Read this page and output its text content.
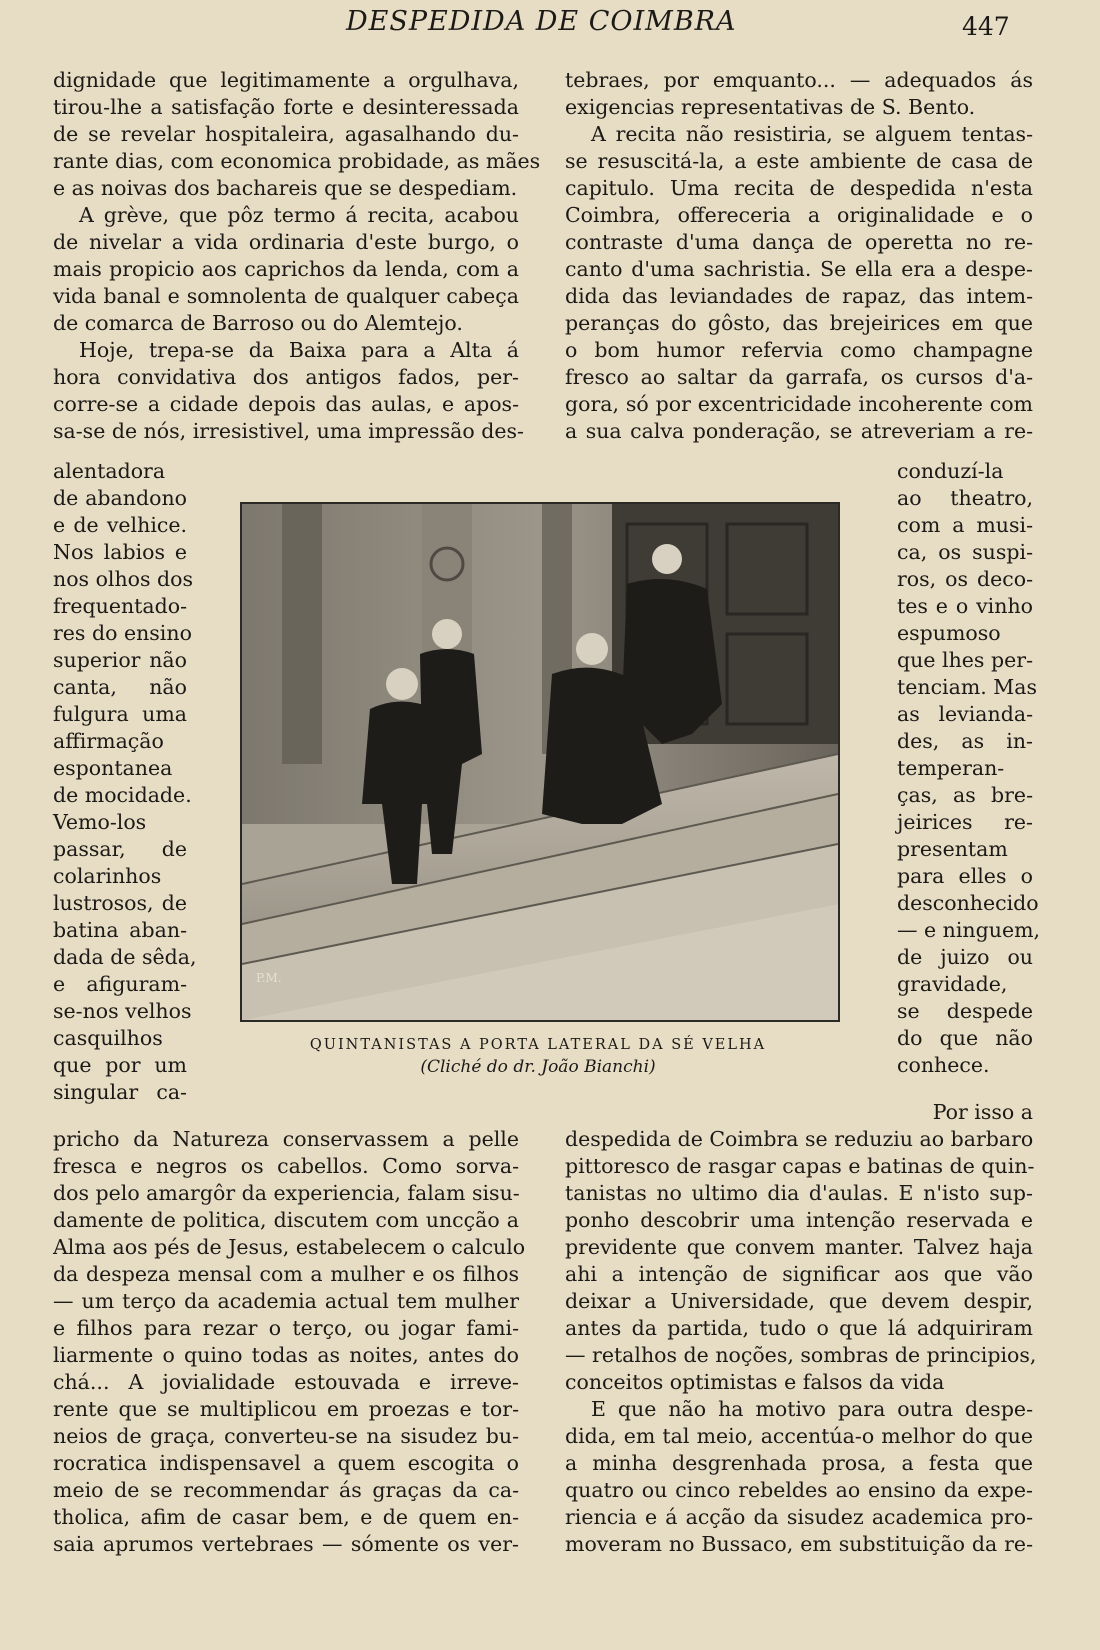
DESPEDIDA DE COIMBRA	447
dignidade que legitimamente a orgulhava,
tirou-lhe a satisfação forte e desinteressada
de se revelar hospitaleira, agasalhando du-
rante dias, com economica probidade, as mães
e as noivas dos bachareis que se despediam.
A grève, que pôz termo á recita, acabou
de nivelar a vida ordinaria d'este burgo, o
mais propicio aos caprichos da lenda, com a
vida banal e somnolenta de qualquer cabeça
de comarca de Barroso ou do Alemtejo.
Hoje, trepa-se da Baixa para a Alta á
hora convidativa dos antigos fados, per-
corre-se a cidade depois das aulas, e apos-
sa-se de nós, irresistivel, uma impressão des-
alentadora
de abandono
e de velhice.
Nos labios e
nos olhos dos
frequentado-
res do ensino
superior não
canta, não
fulgura uma
affirmação
espontanea
de mocidade.
Vemo-los
passar, de
colarinhos
lustrosos, de
batina aban-
dada de sêda,
e afiguram-
se-nos velhos
casquilhos
que por um
singular ca-
pricho da Natureza conservassem a pelle
fresca e negros os cabellos. Como sorva-
dos pelo amargôr da experiencia, falam sisu-
damente de politica, discutem com uncção a
Alma aos pés de Jesus, estabelecem o calculo
da despeza mensal com a mulher e os filhos
— um terço da academia actual tem mulher
e filhos para rezar o terço, ou jogar fami-
liarmente o quino todas as noites, antes do
chá... A jovialidade estouvada e irreve-
rente que se multiplicou em proezas e tor-
neios de graça, converteu-se na sisudez bu-
rocratica indispensavel a quem escogita o
meio de se recommendar ás graças da ca-
tholica, afim de casar bem, e de quem en-
saia aprumos vertebraes — sómente os ver-
tebraes, por emquanto... — adequados ás
exigencias representativas de S. Bento.
A recita não resistiria, se alguem tentas-
se resuscitá-la, a este ambiente de casa de
capitulo. Uma recita de despedida n'esta
Coimbra, offereceria a originalidade e o
contraste d'uma dança de operetta no re-
canto d'uma sachristia. Se ella era a despe-
dida das leviandades de rapaz, das intem-
peranças do gôsto, das brejeirices em que
o bom humor refervia como champagne
fresco ao saltar da garrafa, os cursos d'a-
gora, só por excentricidade incoherente com
a sua calva ponderação, se atreveriam a re-
conduzí-la
ao theatro,
com a musi-
ca, os suspi-
ros, os deco-
tes e o vinho
espumoso
que lhes per-
tenciam. Mas
as leviandа-
des, as in-
temperan-
ças, as bre-
jeirices re-
presentam
para elles o
desconhecido
— e ninguem,
de juizo ou
gravidade,
se despede
do que não
conhece.
Por isso a
despedida de Coimbra se reduziu ao barbaro
pittoresco de rasgar capas e batinas de quin-
tanistas no ultimo dia d'aulas. E n'isto sup-
ponho descobrir uma intenção reservada e
previdente que convem manter. Talvez haja
ahi a intenção de significar aos que vão
deixar a Universidade, que devem despir,
antes da partida, tudo o que lá adquiriram
— retalhos de noções, sombras de principios,
conceitos optimistas e falsos da vida
E que não ha motivo para outra despe-
dida, em tal meio, accentúa-o melhor do que
a minha desgrenhada prosa, a festa que
quatro ou cinco rebeldes ao ensino da expe-
riencia e á acção da sisudez academica pro-
moveram no Bussaco, em substituição da re-
P.M.
QUINTANISTAS A PORTA LATERAL DA SÉ VELHA
(Cliché do dr. João Bianchi)
